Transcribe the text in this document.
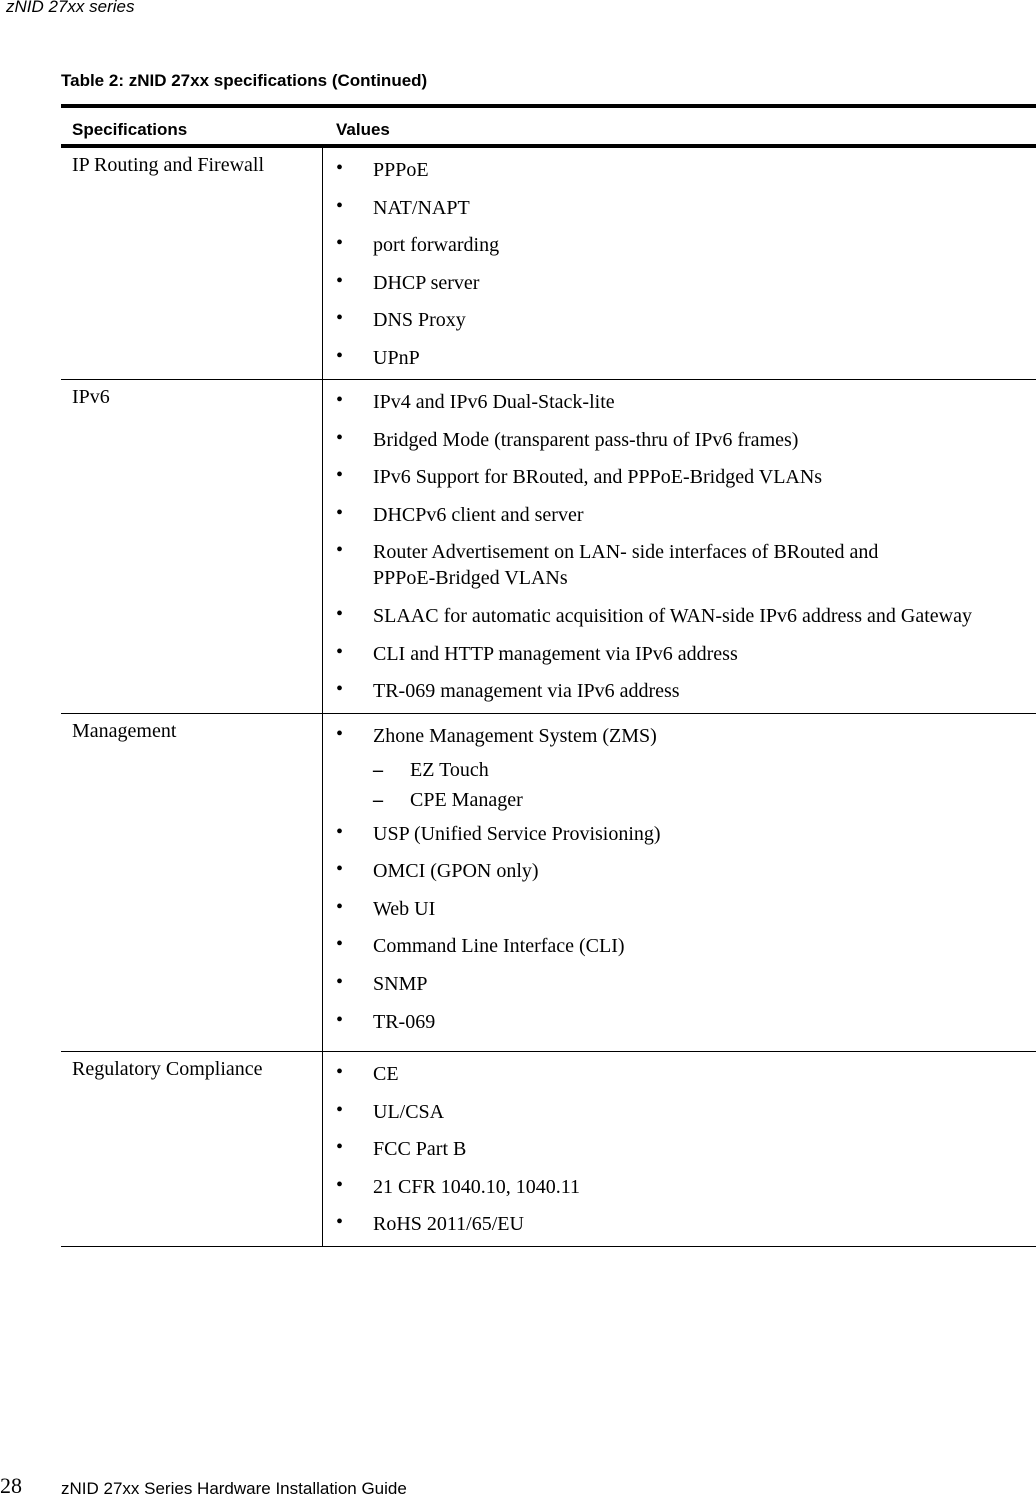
zNID 27xx series
Table 2: zNID 27xx specifications (Continued)
Specifications	Values
IP Routing and Firewall	• PPPoE
• NAT/NAPT
• port forwarding
• DHCP server
• DNS Proxy
• UPnP
IPv6	• IPv4 and IPv6 Dual-Stack-lite
• Bridged Mode (transparent pass-thru of IPv6 frames)
• IPv6 Support for BRouted, and PPPoE-Bridged VLANs
• DHCPv6 client and server
• Router Advertisement on LAN- side interfaces of BRouted and
PPPoE-Bridged VLANs
• SLAAC for automatic acquisition of WAN-side IPv6 address and Gateway
• CLI and HTTP management via IPv6 address
• TR-069 management via IPv6 address
Management	• Zhone Management System (ZMS)
– EZ Touch
– CPE Manager
• USP (Unified Service Provisioning)
• OMCI (GPON only)
• Web UI
• Command Line Interface (CLI)
• SNMP
• TR-069
Regulatory Compliance	• CE
• UL/CSA
• FCC Part B
• 21 CFR 1040.10, 1040.11
• RoHS 2011/65/EU
28 zNID 27xx Series Hardware Installation Guide
